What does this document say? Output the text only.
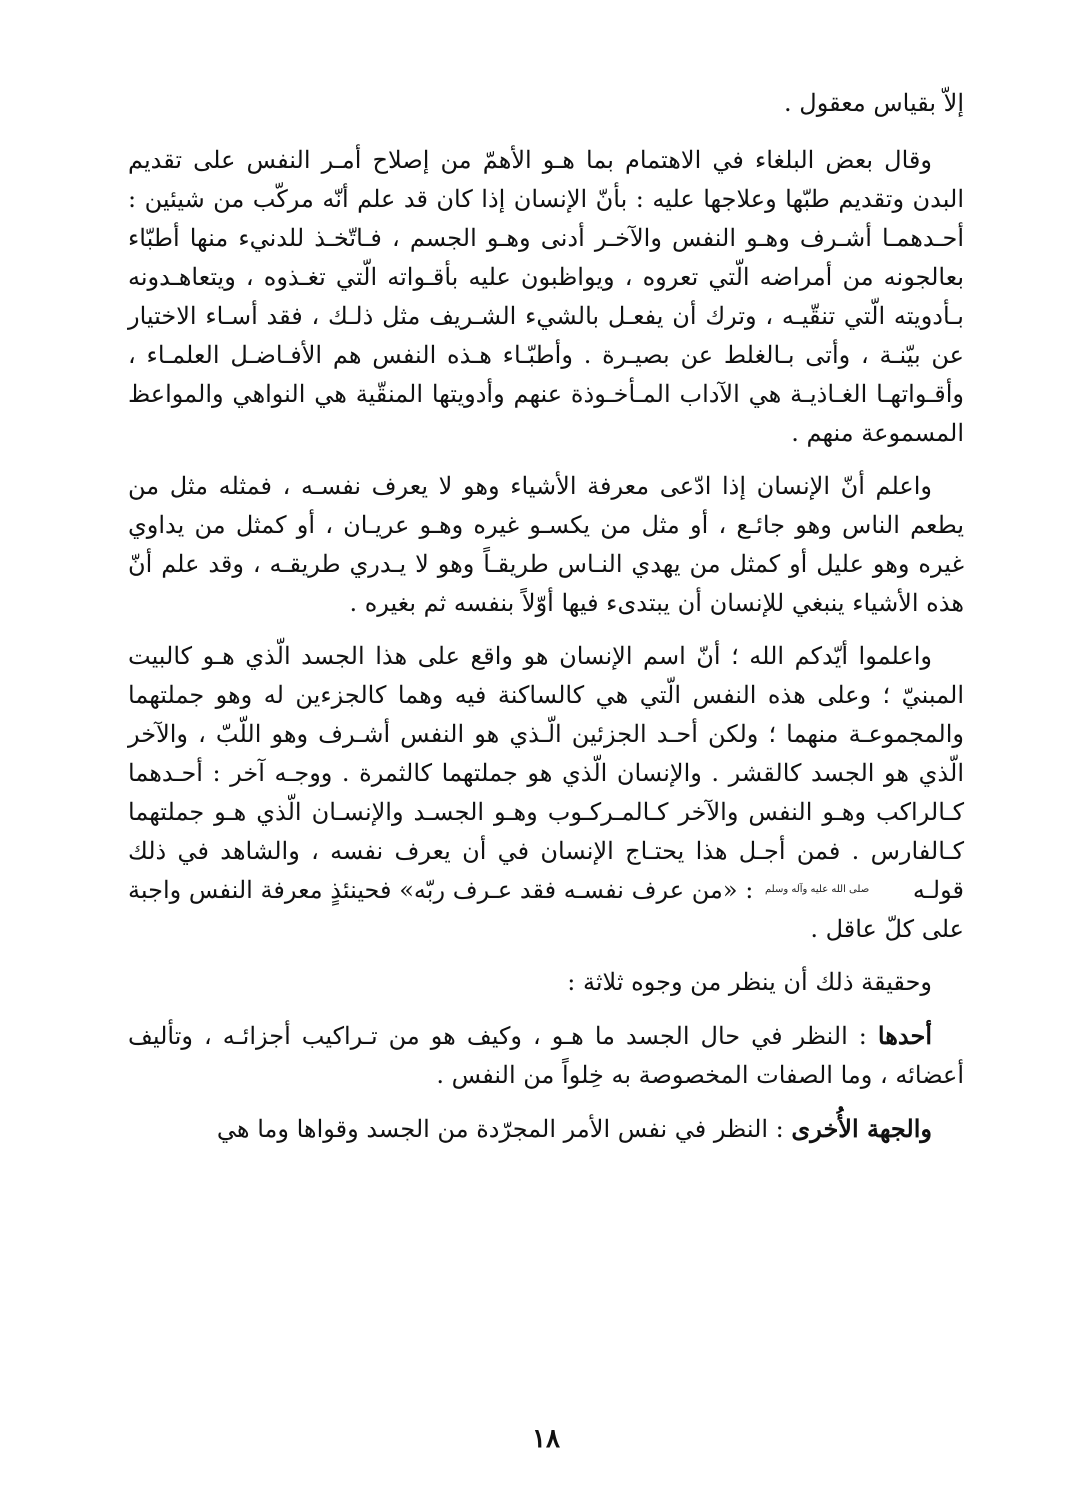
إلاّ بقياس معقول .

وقال بعض البلغاء في الاهتمام بما هـو الأهمّ من إصلاح أمـر النفس على تقديم البدن وتقديم طبّها وعلاجها عليه : بأنّ الإنسان إذا كان قد علم أنّه مركّب من شيئين : أحـدهمـا أشـرف وهـو النفس والآخـر أدنى وهـو الجسم ، فـاتّخـذ للدنيء منها أطبّاء بعالجونه من أمراضه الّتي تعروه ، ويواظبون عليه بأقـواته الّتي تغـذوه ، ويتعاهـدونه بـأدويته الّتي تنقّيـه ، وترك أن يفعـل بالشيء الشـريف مثل ذلـك ، فقد أسـاء الاختيار عن بيّنـة ، وأتى بـالغلط عن بصيـرة . وأطبّـاء هـذه النفس هم الأفـاضـل العلمـاء ، وأقـواتهـا الغـاذيـة هي الآداب المـأخـوذة عنهم وأدويتها المنقّية هي النواهي والمواعظ المسموعة منهم .

واعلم أنّ الإنسان إذا ادّعى معرفة الأشياء وهو لا يعرف نفسـه ، فمثله مثل من يطعم الناس وهو جائـع ، أو مثل من يكسـو غيره وهـو عريـان ، أو كمثل من يداوي غيره وهو عليل أو كمثل من يهدي النـاس طريقـاً وهو لا يـدري طريقـه ، وقد علم أنّ هذه الأشياء ينبغي للإنسان أن يبتدىء فيها أوّلاً بنفسه ثم بغيره .

واعلموا أيّدكم الله ؛ أنّ اسم الإنسان هو واقع على هذا الجسد الّذي هـو كالبيت المبنيّ ؛ وعلى هذه النفس الّتي هي كالساكنة فيه وهما كالجزءين له وهو جملتهما والمجموعـة منهما ؛ ولكن أحـد الجزئين الّـذي هو النفس أشـرف وهو اللّبّ ، والآخر الّذي هو الجسد كالقشر . والإنسان الّذي هو جملتهما كالثمرة . ووجـه آخر : أحـدهما كـالراكب وهـو النفس والآخر كـالمـركـوب وهـو الجسـد والإنسـان الّذي هـو جملتهما كـالفارس . فمن أجـل هذا يحتـاج الإنسان في أن يعرف نفسه ، والشاهد في ذلك قولـه صلى الله عليه وآله وسلم : «من عرف نفسـه فقد عـرف ربّه» فحينئذٍ معرفة النفس واجبة على كلّ عاقل .

وحقيقة ذلك أن ينظر من وجوه ثلاثة :

أحدها : النظر في حال الجسد ما هـو ، وكيف هو من تـراكيب أجزائـه ، وتأليف أعضائه ، وما الصفات المخصوصة به خِلواً من النفس .

والجهة الأُخرى : النظر في نفس الأمر المجرّدة من الجسد وقواها وما هي

١٨
